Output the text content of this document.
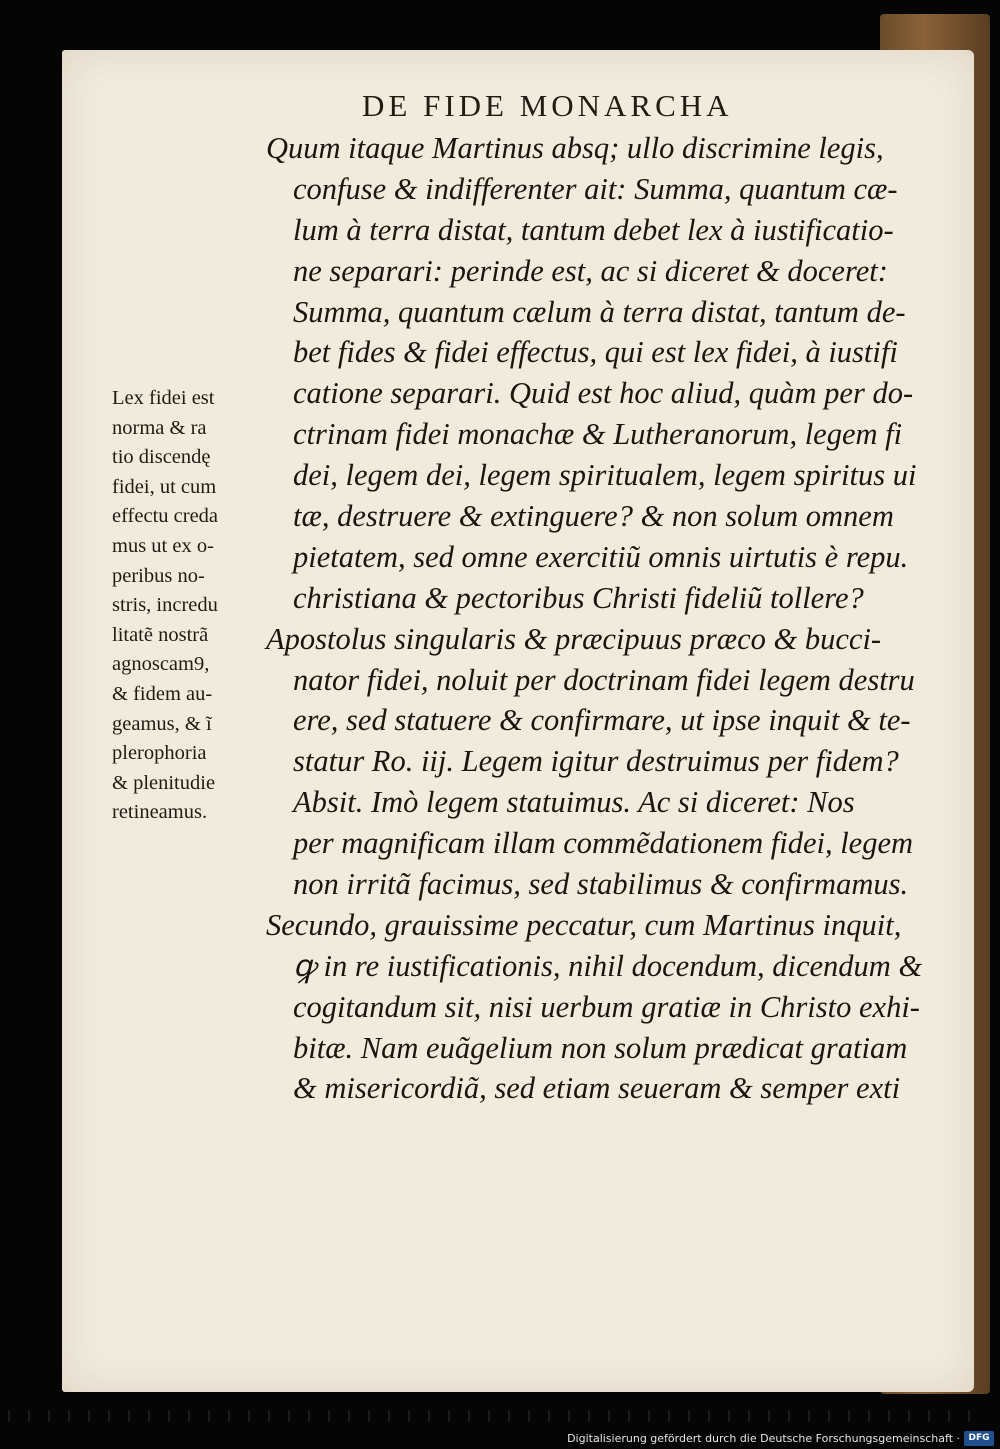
DE FIDE MONARCHA
Quum itaque Martinus absq; ullo discrimine legis,
confuse & indifferenter ait: Summa, quantum cæ-
lum à terra distat, tantum debet lex à iustificatio-
ne separari: perinde est, ac si diceret & doceret:
Summa, quantum cælum à terra distat, tantum de-
bet fides & fidei effectus, qui est lex fidei, à iustifi
catione separari. Quid est hoc aliud, quàm per do-
ctrinam fidei monachæ & Lutheranorum, legem fi
dei, legem dei, legem spiritualem, legem spiritus ui
tæ, destruere & extinguere? & non solum omnem
pietatem, sed omne exercitiũ omnis uirtutis è repu.
christiana & pectoribus Christi fideliũ tollere?
Apostolus singularis & præcipuus præco & bucci-
nator fidei, noluit per doctrinam fidei legem destru
ere, sed statuere & confirmare, ut ipse inquit & te-
statur Ro. iij. Legem igitur destruimus per fidem?
Absit. Imò legem statuimus. Ac si diceret: Nos
per magnificam illam commẽdationem fidei, legem
non irritã facimus, sed stabilimus & confirmamus.
Secundo, grauissime peccatur, cum Martinus inquit,
ꝙ in re iustificationis, nihil docendum, dicendum &
cogitandum sit, nisi uerbum gratiæ in Christo exhi-
bitæ. Nam euãgelium non solum prædicat gratiam
& misericordiã, sed etiam seueram & semper exti
Lex fidei est
norma & ra
tio discendę
fidei, ut cum
effectu creda
mus ut ex o-
peribus no-
stris, incredu
litatẽ nostrã
agnoscam9,
& fidem au-
geamus, & ĩ
plerophoria
& plenitudie
retineamus.
Digitalisierung gefördert durch die Deutsche Forschungsgemeinschaft · DFG
